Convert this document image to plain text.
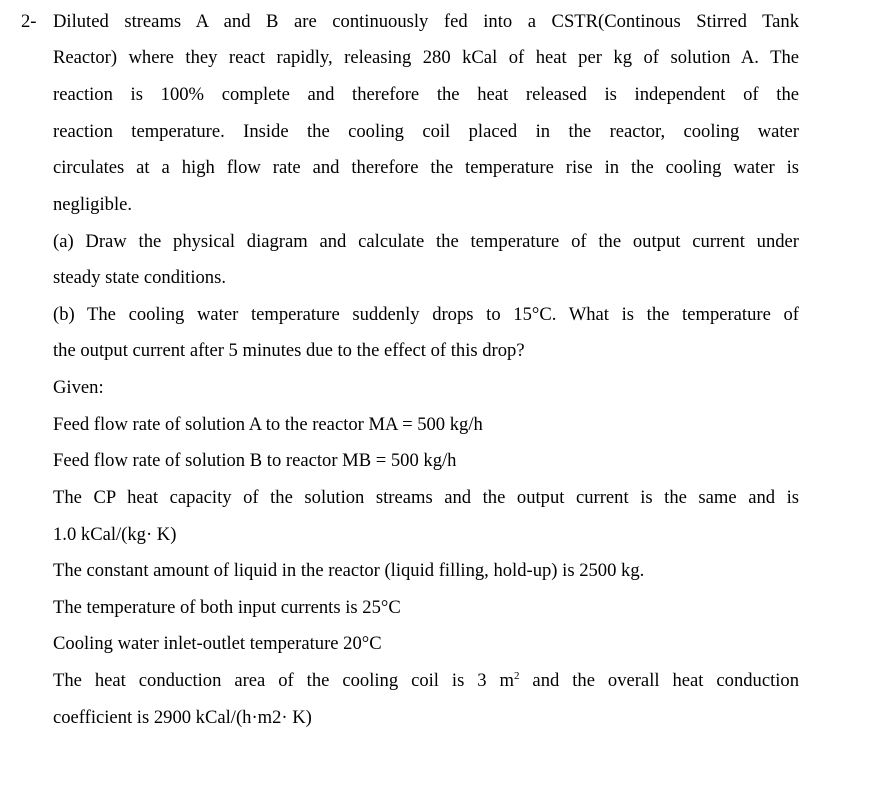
2- Diluted streams A and B are continuously fed into a CSTR(Continous Stirred Tank
Reactor) where they react rapidly, releasing 280 kCal of heat per kg of solution A. The
reaction is 100% complete and therefore the heat released is independent of the
reaction temperature. Inside the cooling coil placed in the reactor, cooling water
circulates at a high flow rate and therefore the temperature rise in the cooling water is
negligible.
(a) Draw the physical diagram and calculate the temperature of the output current under
steady state conditions.
(b) The cooling water temperature suddenly drops to 15°C. What is the temperature of
the output current after 5 minutes due to the effect of this drop?
Given:
Feed flow rate of solution A to the reactor MA = 500 kg/h
Feed flow rate of solution B to reactor MB = 500 kg/h
The CP heat capacity of the solution streams and the output current is the same and is
1.0 kCal/(kg· K)
The constant amount of liquid in the reactor (liquid filling, hold-up) is 2500 kg.
The temperature of both input currents is 25°C
Cooling water inlet-outlet temperature 20°C
The heat conduction area of the cooling coil is 3 $m^2$ and the overall heat conduction
coefficient is 2900 kCal/(h·m2· K)
